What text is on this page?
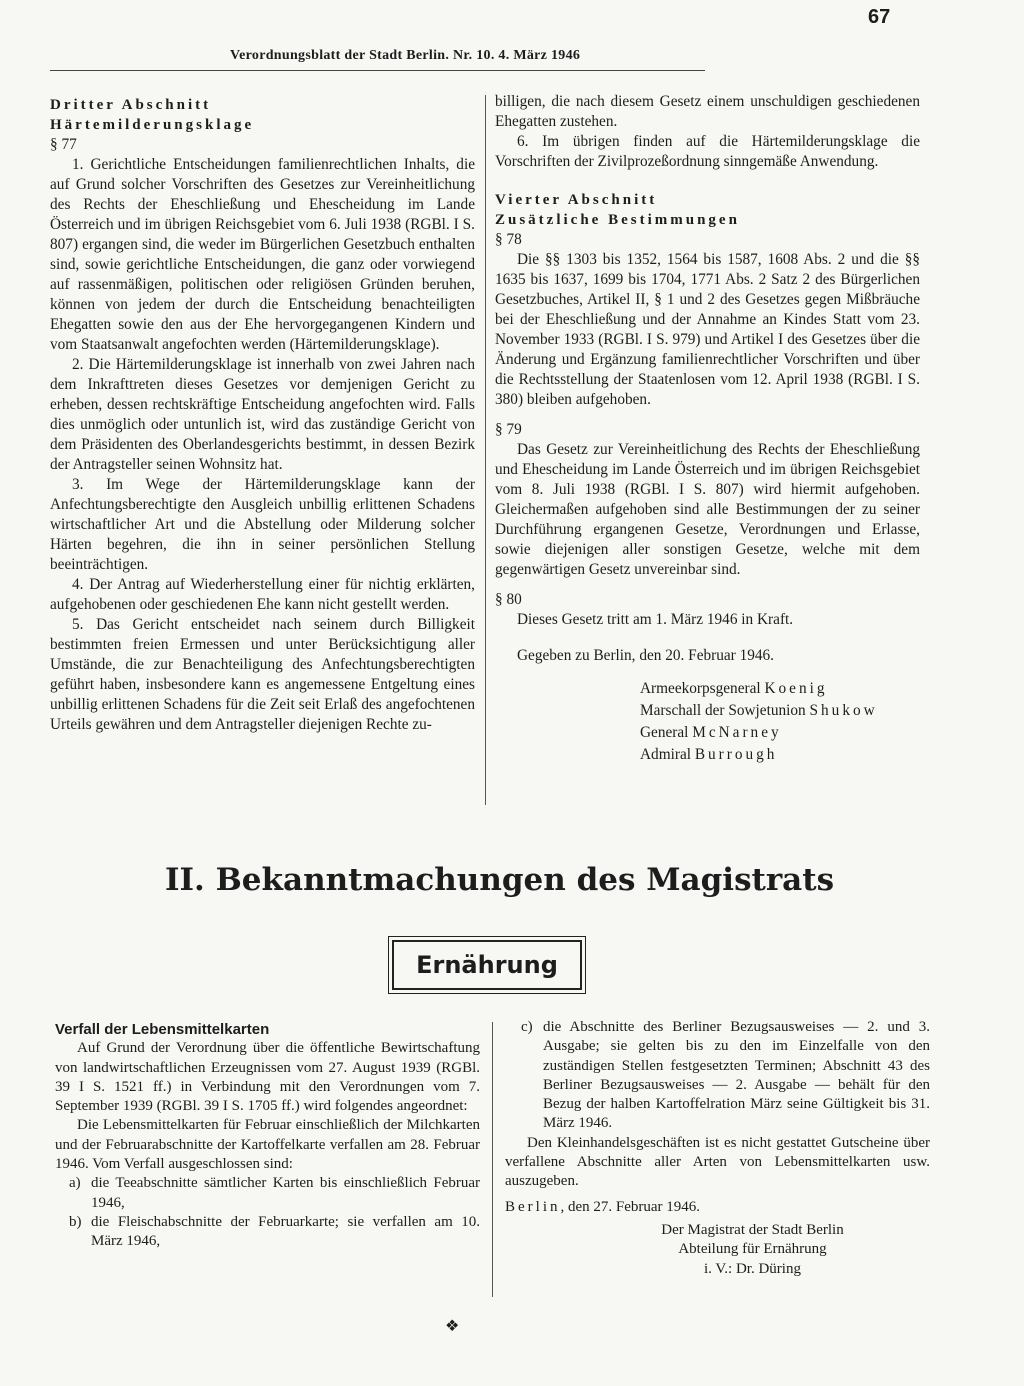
67
Verordnungsblatt der Stadt Berlin. Nr. 10. 4. März 1946

Dritter Abschnitt

Härtemilderungsklage

§ 77

1. Gerichtliche Entscheidungen familienrechtlichen Inhalts, die auf Grund solcher Vorschriften des Gesetzes zur Vereinheitlichung des Rechts der Eheschließung und Ehescheidung im Lande Österreich und im übrigen Reichsgebiet vom 6. Juli 1938 (RGBl. I S. 807) ergangen sind, die weder im Bürgerlichen Gesetzbuch enthalten sind, sowie gerichtliche Entscheidungen, die ganz oder vorwiegend auf rassenmäßigen, politischen oder religiösen Gründen beruhen, können von jedem der durch die Entscheidung benachteiligten Ehegatten sowie den aus der Ehe hervorgegangenen Kindern und vom Staatsanwalt angefochten werden (Härtemilderungsklage).

2. Die Härtemilderungsklage ist innerhalb von zwei Jahren nach dem Inkrafttreten dieses Gesetzes vor demjenigen Gericht zu erheben, dessen rechtskräftige Entscheidung angefochten wird. Falls dies unmöglich oder untunlich ist, wird das zuständige Gericht von dem Präsidenten des Oberlandesgerichts bestimmt, in dessen Bezirk der Antragsteller seinen Wohnsitz hat.

3. Im Wege der Härtemilderungsklage kann der Anfechtungsberechtigte den Ausgleich unbillig erlittenen Schadens wirtschaftlicher Art und die Abstellung oder Milderung solcher Härten begehren, die ihn in seiner persönlichen Stellung beeinträchtigen.

4. Der Antrag auf Wiederherstellung einer für nichtig erklärten, aufgehobenen oder geschiedenen Ehe kann nicht gestellt werden.

5. Das Gericht entscheidet nach seinem durch Billigkeit bestimmten freien Ermessen und unter Berücksichtigung aller Umstände, die zur Benachteiligung des Anfechtungsberechtigten geführt haben, insbesondere kann es angemessene Entgeltung eines unbillig erlittenen Schadens für die Zeit seit Erlaß des angefochtenen Urteils gewähren und dem Antragsteller diejenigen Rechte zu-

billigen, die nach diesem Gesetz einem unschuldigen geschiedenen Ehegatten zustehen.

6. Im übrigen finden auf die Härtemilderungsklage die Vorschriften der Zivilprozeßordnung sinngemäße Anwendung.

Vierter Abschnitt

Zusätzliche Bestimmungen

§ 78

Die §§ 1303 bis 1352, 1564 bis 1587, 1608 Abs. 2 und die §§ 1635 bis 1637, 1699 bis 1704, 1771 Abs. 2 Satz 2 des Bürgerlichen Gesetzbuches, Artikel II, § 1 und 2 des Gesetzes gegen Mißbräuche bei der Eheschließung und der Annahme an Kindes Statt vom 23. November 1933 (RGBl. I S. 979) und Artikel I des Gesetzes über die Änderung und Ergänzung familienrechtlicher Vorschriften und über die Rechtsstellung der Staatenlosen vom 12. April 1938 (RGBl. I S. 380) bleiben aufgehoben.

§ 79

Das Gesetz zur Vereinheitlichung des Rechts der Eheschließung und Ehescheidung im Lande Österreich und im übrigen Reichsgebiet vom 8. Juli 1938 (RGBl. I S. 807) wird hiermit aufgehoben. Gleichermaßen aufgehoben sind alle Bestimmungen der zu seiner Durchführung ergangenen Gesetze, Verordnungen und Erlasse, sowie diejenigen aller sonstigen Gesetze, welche mit dem gegenwärtigen Gesetz unvereinbar sind.

§ 80

Dieses Gesetz tritt am 1. März 1946 in Kraft.

Gegeben zu Berlin, den 20. Februar 1946.

Armeekorpsgeneral Koenig
Marschall der Sowjetunion Shukow
General McNarney
Admiral Burrough
II. Bekanntmachungen des Magistrats
Ernährung

Verfall der Lebensmittelkarten

Auf Grund der Verordnung über die öffentliche Bewirtschaftung von landwirtschaftlichen Erzeugnissen vom 27. August 1939 (RGBl. 39 I S. 1521 ff.) in Verbindung mit den Verordnungen vom 7. September 1939 (RGBl. 39 I S. 1705 ff.) wird folgendes angeordnet:

Die Lebensmittelkarten für Februar einschließlich der Milchkarten und der Februarabschnitte der Kartoffelkarte verfallen am 28. Februar 1946. Vom Verfall ausgeschlossen sind:

a) die Teeabschnitte sämtlicher Karten bis einschließlich Februar 1946,
b) die Fleischabschnitte der Februarkarte; sie verfallen am 10. März 1946,
c) die Abschnitte des Berliner Bezugsausweises — 2. und 3. Ausgabe; sie gelten bis zu den im Einzelfalle von den zuständigen Stellen festgesetzten Terminen; Abschnitt 43 des Berliner Bezugsausweises — 2. Ausgabe — behält für den Bezug der halben Kartoffelration März seine Gültigkeit bis 31. März 1946.

Den Kleinhandelsgeschäften ist es nicht gestattet Gutscheine über verfallene Abschnitte aller Arten von Lebensmittelkarten usw. auszugeben.

Berlin, den 27. Februar 1946.

Der Magistrat der Stadt Berlin
Abteilung für Ernährung
i. V.: Dr. Düring
❖
